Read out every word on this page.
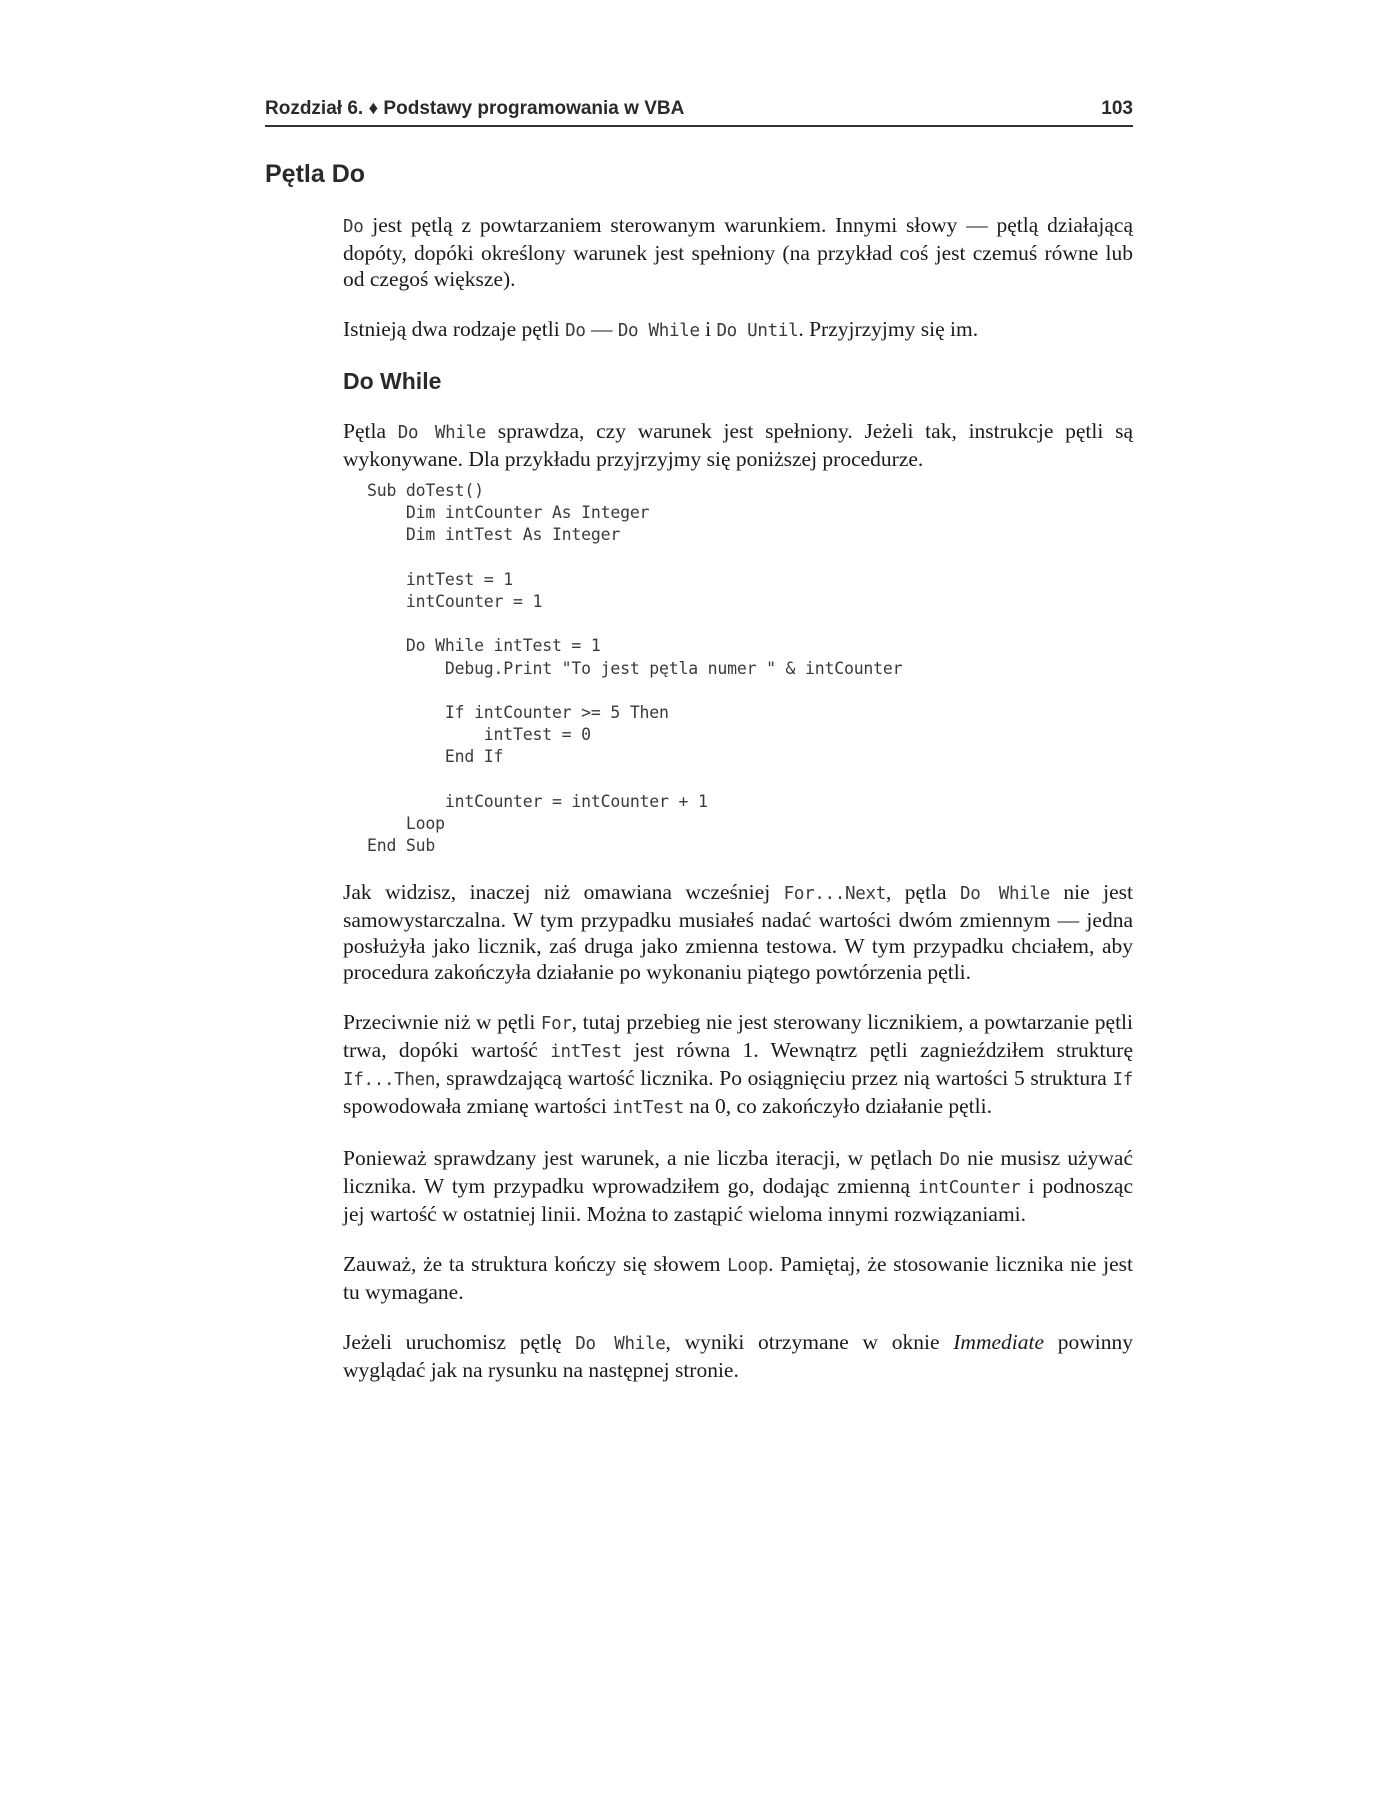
Rozdział 6. ♦ Podstawy programowania w VBA	103
Pętla Do

Do jest pętlą z powtarzaniem sterowanym warunkiem. Innymi słowy — pętlą działającą dopóty, dopóki określony warunek jest spełniony (na przykład coś jest czemuś równe lub od czegoś większe).

Istnieją dwa rodzaje pętli Do — Do While i Do Until. Przyjrzyjmy się im.

Do While

Pętla Do While sprawdza, czy warunek jest spełniony. Jeżeli tak, instrukcje pętli są wykonywane. Dla przykładu przyjrzyjmy się poniższej procedurze.

Sub doTest()
Dim intCounter As Integer
Dim intTest As Integer

intTest = 1
intCounter = 1

Do While intTest = 1
Debug.Print "To jest pętla numer " & intCounter

If intCounter >= 5 Then
intTest = 0
End If

intCounter = intCounter + 1
Loop
End Sub

Jak widzisz, inaczej niż omawiana wcześniej For...Next, pętla Do While nie jest samowystarczalna. W tym przypadku musiałeś nadać wartości dwóm zmiennym — jedna posłużyła jako licznik, zaś druga jako zmienna testowa. W tym przypadku chciałem, aby procedura zakończyła działanie po wykonaniu piątego powtórzenia pętli.

Przeciwnie niż w pętli For, tutaj przebieg nie jest sterowany licznikiem, a powtarzanie pętli trwa, dopóki wartość intTest jest równa 1. Wewnątrz pętli zagnieździłem strukturę If...Then, sprawdzającą wartość licznika. Po osiągnięciu przez nią wartości 5 struktura If spowodowała zmianę wartości intTest na 0, co zakończyło działanie pętli.

Ponieważ sprawdzany jest warunek, a nie liczba iteracji, w pętlach Do nie musisz używać licznika. W tym przypadku wprowadziłem go, dodając zmienną intCounter i podnosząc jej wartość w ostatniej linii. Można to zastąpić wieloma innymi rozwiązaniami.

Zauważ, że ta struktura kończy się słowem Loop. Pamiętaj, że stosowanie licznika nie jest tu wymagane.

Jeżeli uruchomisz pętlę Do While, wyniki otrzymane w oknie Immediate powinny wyglądać jak na rysunku na następnej stronie.
